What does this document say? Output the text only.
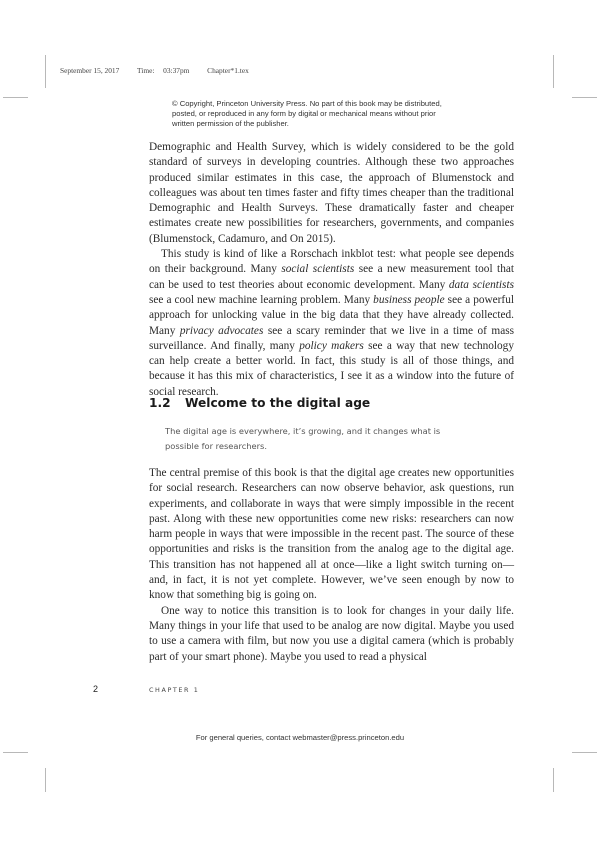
September 15, 2017 Time: 03:37pm Chapter*1.tex
© Copyright, Princeton University Press. No part of this book may be distributed, posted, or reproduced in any form by digital or mechanical means without prior written permission of the publisher.

Demographic and Health Survey, which is widely considered to be the gold standard of surveys in developing countries. Although these two approaches produced similar estimates in this case, the approach of Blumenstock and colleagues was about ten times faster and fifty times cheaper than the traditional Demographic and Health Surveys. These dramatically faster and cheaper estimates create new possibilities for researchers, governments, and companies (Blumenstock, Cadamuro, and On 2015).

This study is kind of like a Rorschach inkblot test: what people see depends on their background. Many social scientists see a new measurement tool that can be used to test theories about economic development. Many data scientists see a cool new machine learning problem. Many business people see a powerful approach for unlocking value in the big data that they have already collected. Many privacy advocates see a scary reminder that we live in a time of mass surveillance. And finally, many policy makers see a way that new technology can help create a better world. In fact, this study is all of those things, and because it has this mix of characteristics, I see it as a window into the future of social research.

1.2 Welcome to the digital age
The digital age is everywhere, it’s growing, and it changes what is possible for researchers.

The central premise of this book is that the digital age creates new opportunities for social research. Researchers can now observe behavior, ask questions, run experiments, and collaborate in ways that were simply impossible in the recent past. Along with these new opportunities come new risks: researchers can now harm people in ways that were impossible in the recent past. The source of these opportunities and risks is the transition from the analog age to the digital age. This transition has not happened all at once—like a light switch turning on—and, in fact, it is not yet complete. However, we’ve seen enough by now to know that something big is going on.

One way to notice this transition is to look for changes in your daily life. Many things in your life that used to be analog are now digital. Maybe you used to use a camera with film, but now you use a digital camera (which is probably part of your smart phone). Maybe you used to read a physical

2	CHAPTER 1
For general queries, contact webmaster@press.princeton.edu
